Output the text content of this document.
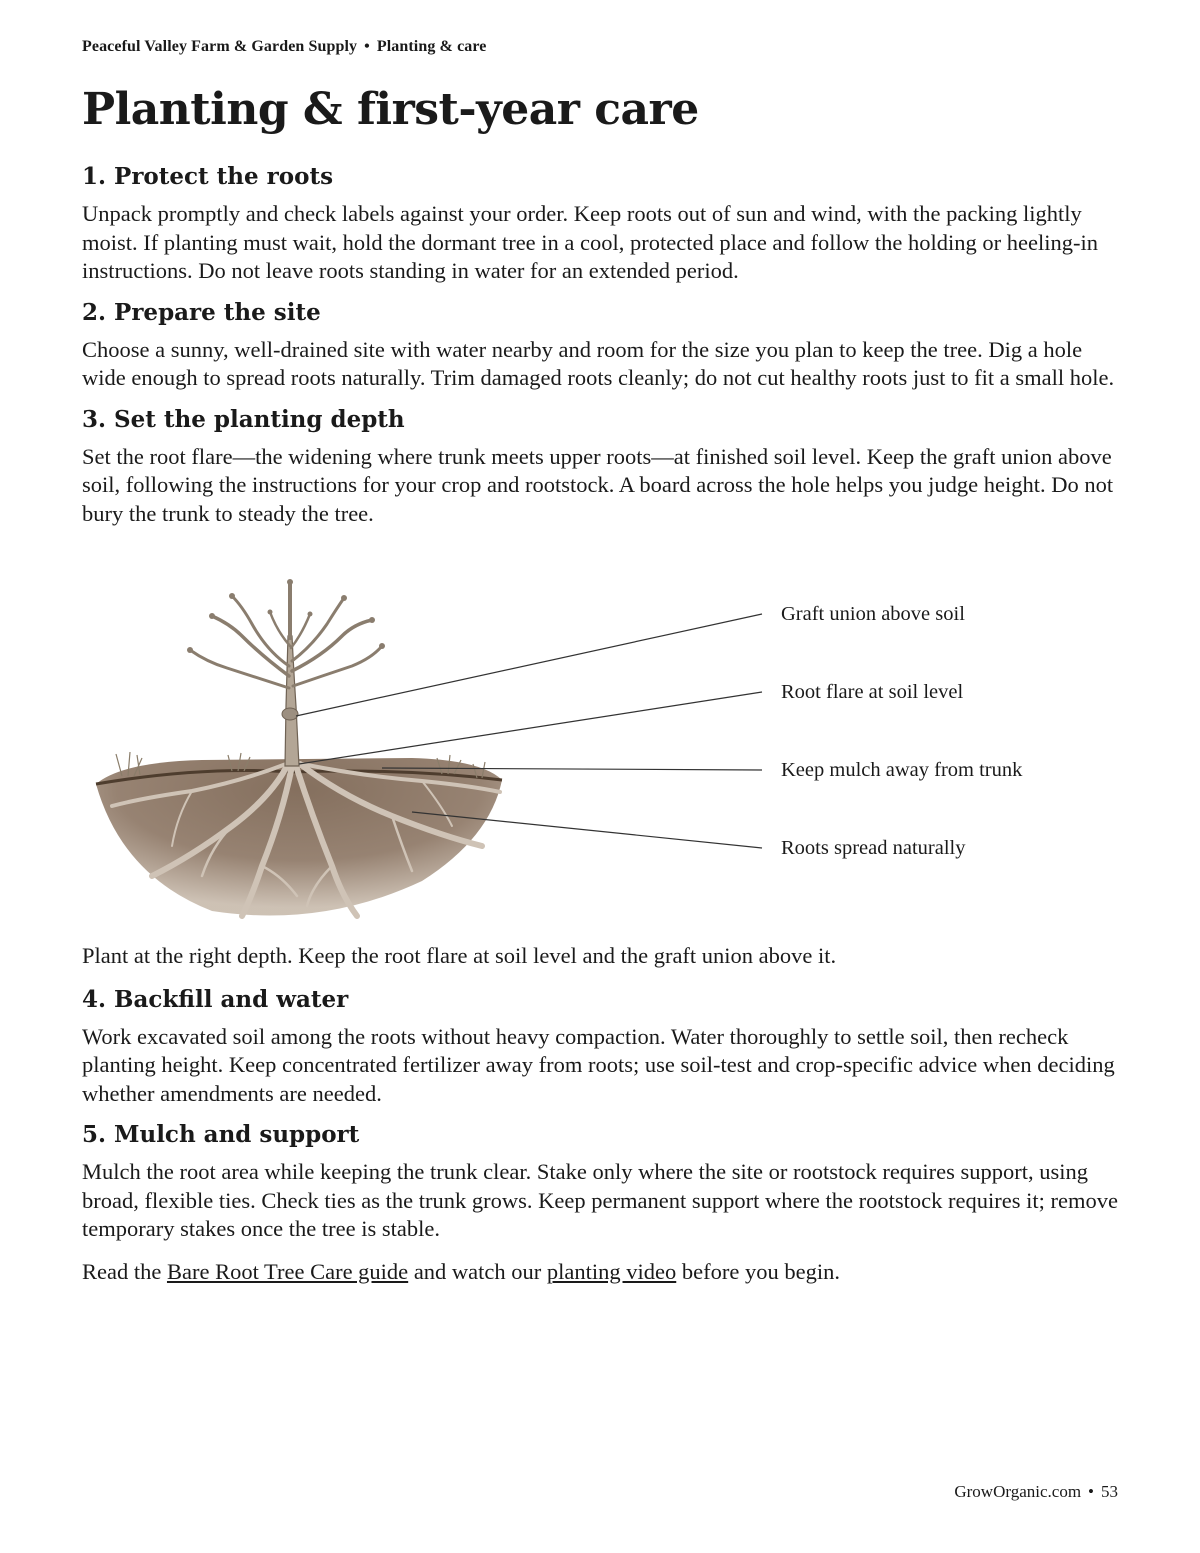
Peaceful Valley Farm & Garden Supply • Planting & care
Planting & first-year care
1. Protect the roots

Unpack promptly and check labels against your order. Keep roots out of sun and wind, with the packing lightly moist. If planting must wait, hold the dormant tree in a cool, protected place and follow the holding or heeling-in instructions. Do not leave roots standing in water for an extended period.

2. Prepare the site

Choose a sunny, well-drained site with water nearby and room for the size you plan to keep the tree. Dig a hole wide enough to spread roots naturally. Trim damaged roots cleanly; do not cut healthy roots just to fit a small hole.

3. Set the planting depth

Set the root flare—the widening where trunk meets upper roots—at finished soil level. Keep the graft union above soil, following the instructions for your crop and rootstock. A board across the hole helps you judge height. Do not bury the trunk to steady the tree.

Graft union above soil
Root flare at soil level
Keep mulch away from trunk
Roots spread naturally

Plant at the right depth. Keep the root flare at soil level and the graft union above it.

4. Backfill and water

Work excavated soil among the roots without heavy compaction. Water thoroughly to settle soil, then recheck planting height. Keep concentrated fertilizer away from roots; use soil-test and crop-specific advice when deciding whether amendments are needed.

5. Mulch and support

Mulch the root area while keeping the trunk clear. Stake only where the site or rootstock requires support, using broad, flexible ties. Check ties as the trunk grows. Keep permanent support where the rootstock requires it; remove temporary stakes once the tree is stable.

Read the Bare Root Tree Care guide and watch our planting video before you begin.

GrowOrganic.com • 53
